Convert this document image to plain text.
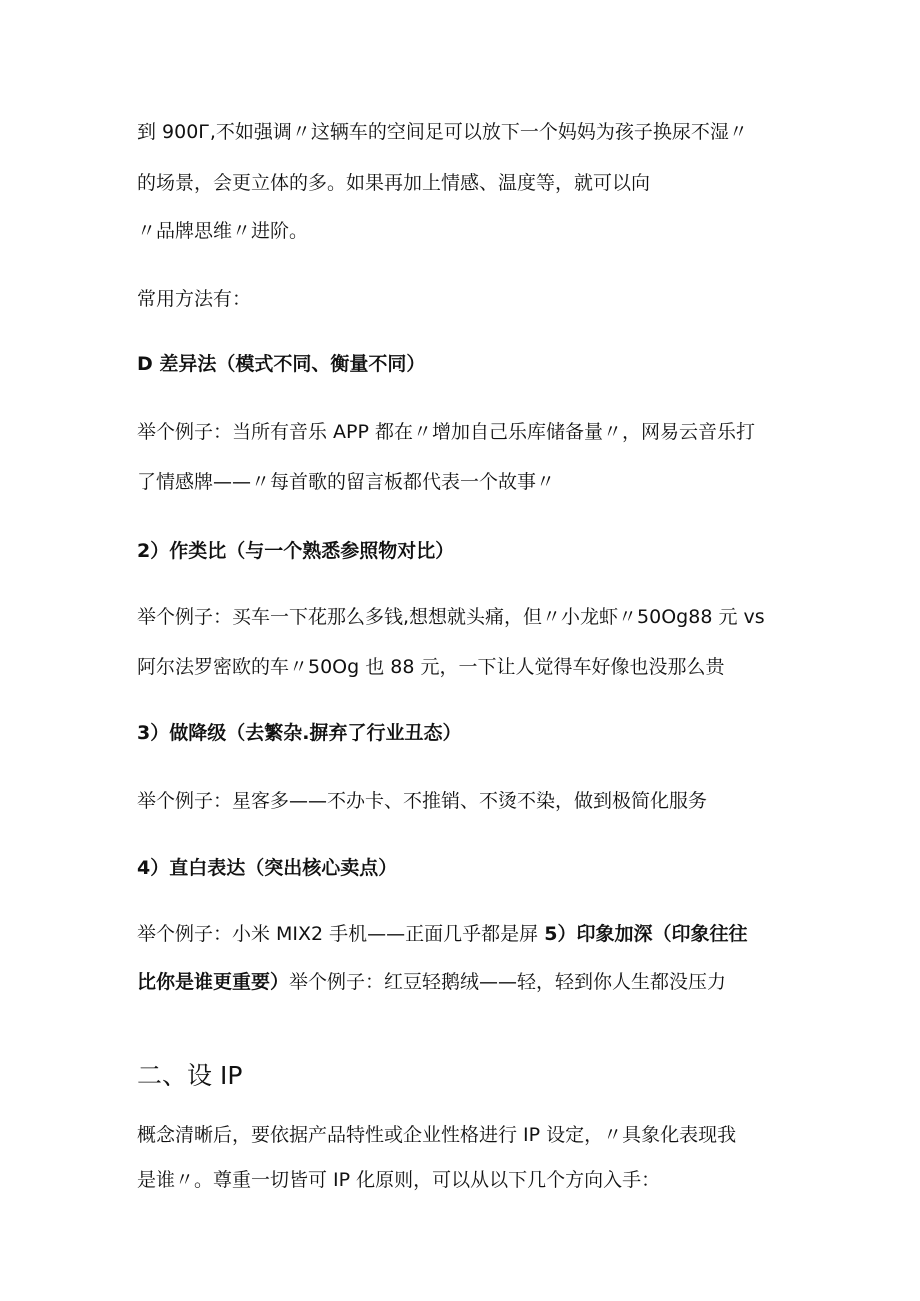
到 900Г,不如强调〃这辆车的空间足可以放下一个妈妈为孩子换尿不湿〃

的场景，会更立体的多。如果再加上情感、温度等，就可以向

〃品牌思维〃进阶。

常用方法有：

D 差异法（模式不同、衡量不同）

举个例子：当所有音乐 APP 都在〃增加自己乐库储备量〃，网易云音乐打

了情感牌——〃每首歌的留言板都代表一个故事〃

2）作类比（与一个熟悉参照物对比）

举个例子：买车一下花那么多钱,想想就头痛，但〃小龙虾〃50Og88 元 vs

阿尔法罗密欧的车〃50Og 也 88 元，一下让人觉得车好像也没那么贵

3）做降级（去繁杂.摒弃了行业丑态）

举个例子：星客多——不办卡、不推销、不烫不染，做到极简化服务

4）直白表达（突出核心卖点）

举个例子：小米 MIX2 手机——正面几乎都是屏 5）印象加深（印象往往

比你是谁更重要）举个例子：红豆轻鹅绒——轻，轻到你人生都没压力

二、设 IP

概念清晰后，要依据产品特性或企业性格进行 IP 设定，〃具象化表现我

是谁〃。尊重一切皆可 IP 化原则，可以从以下几个方向入手：
